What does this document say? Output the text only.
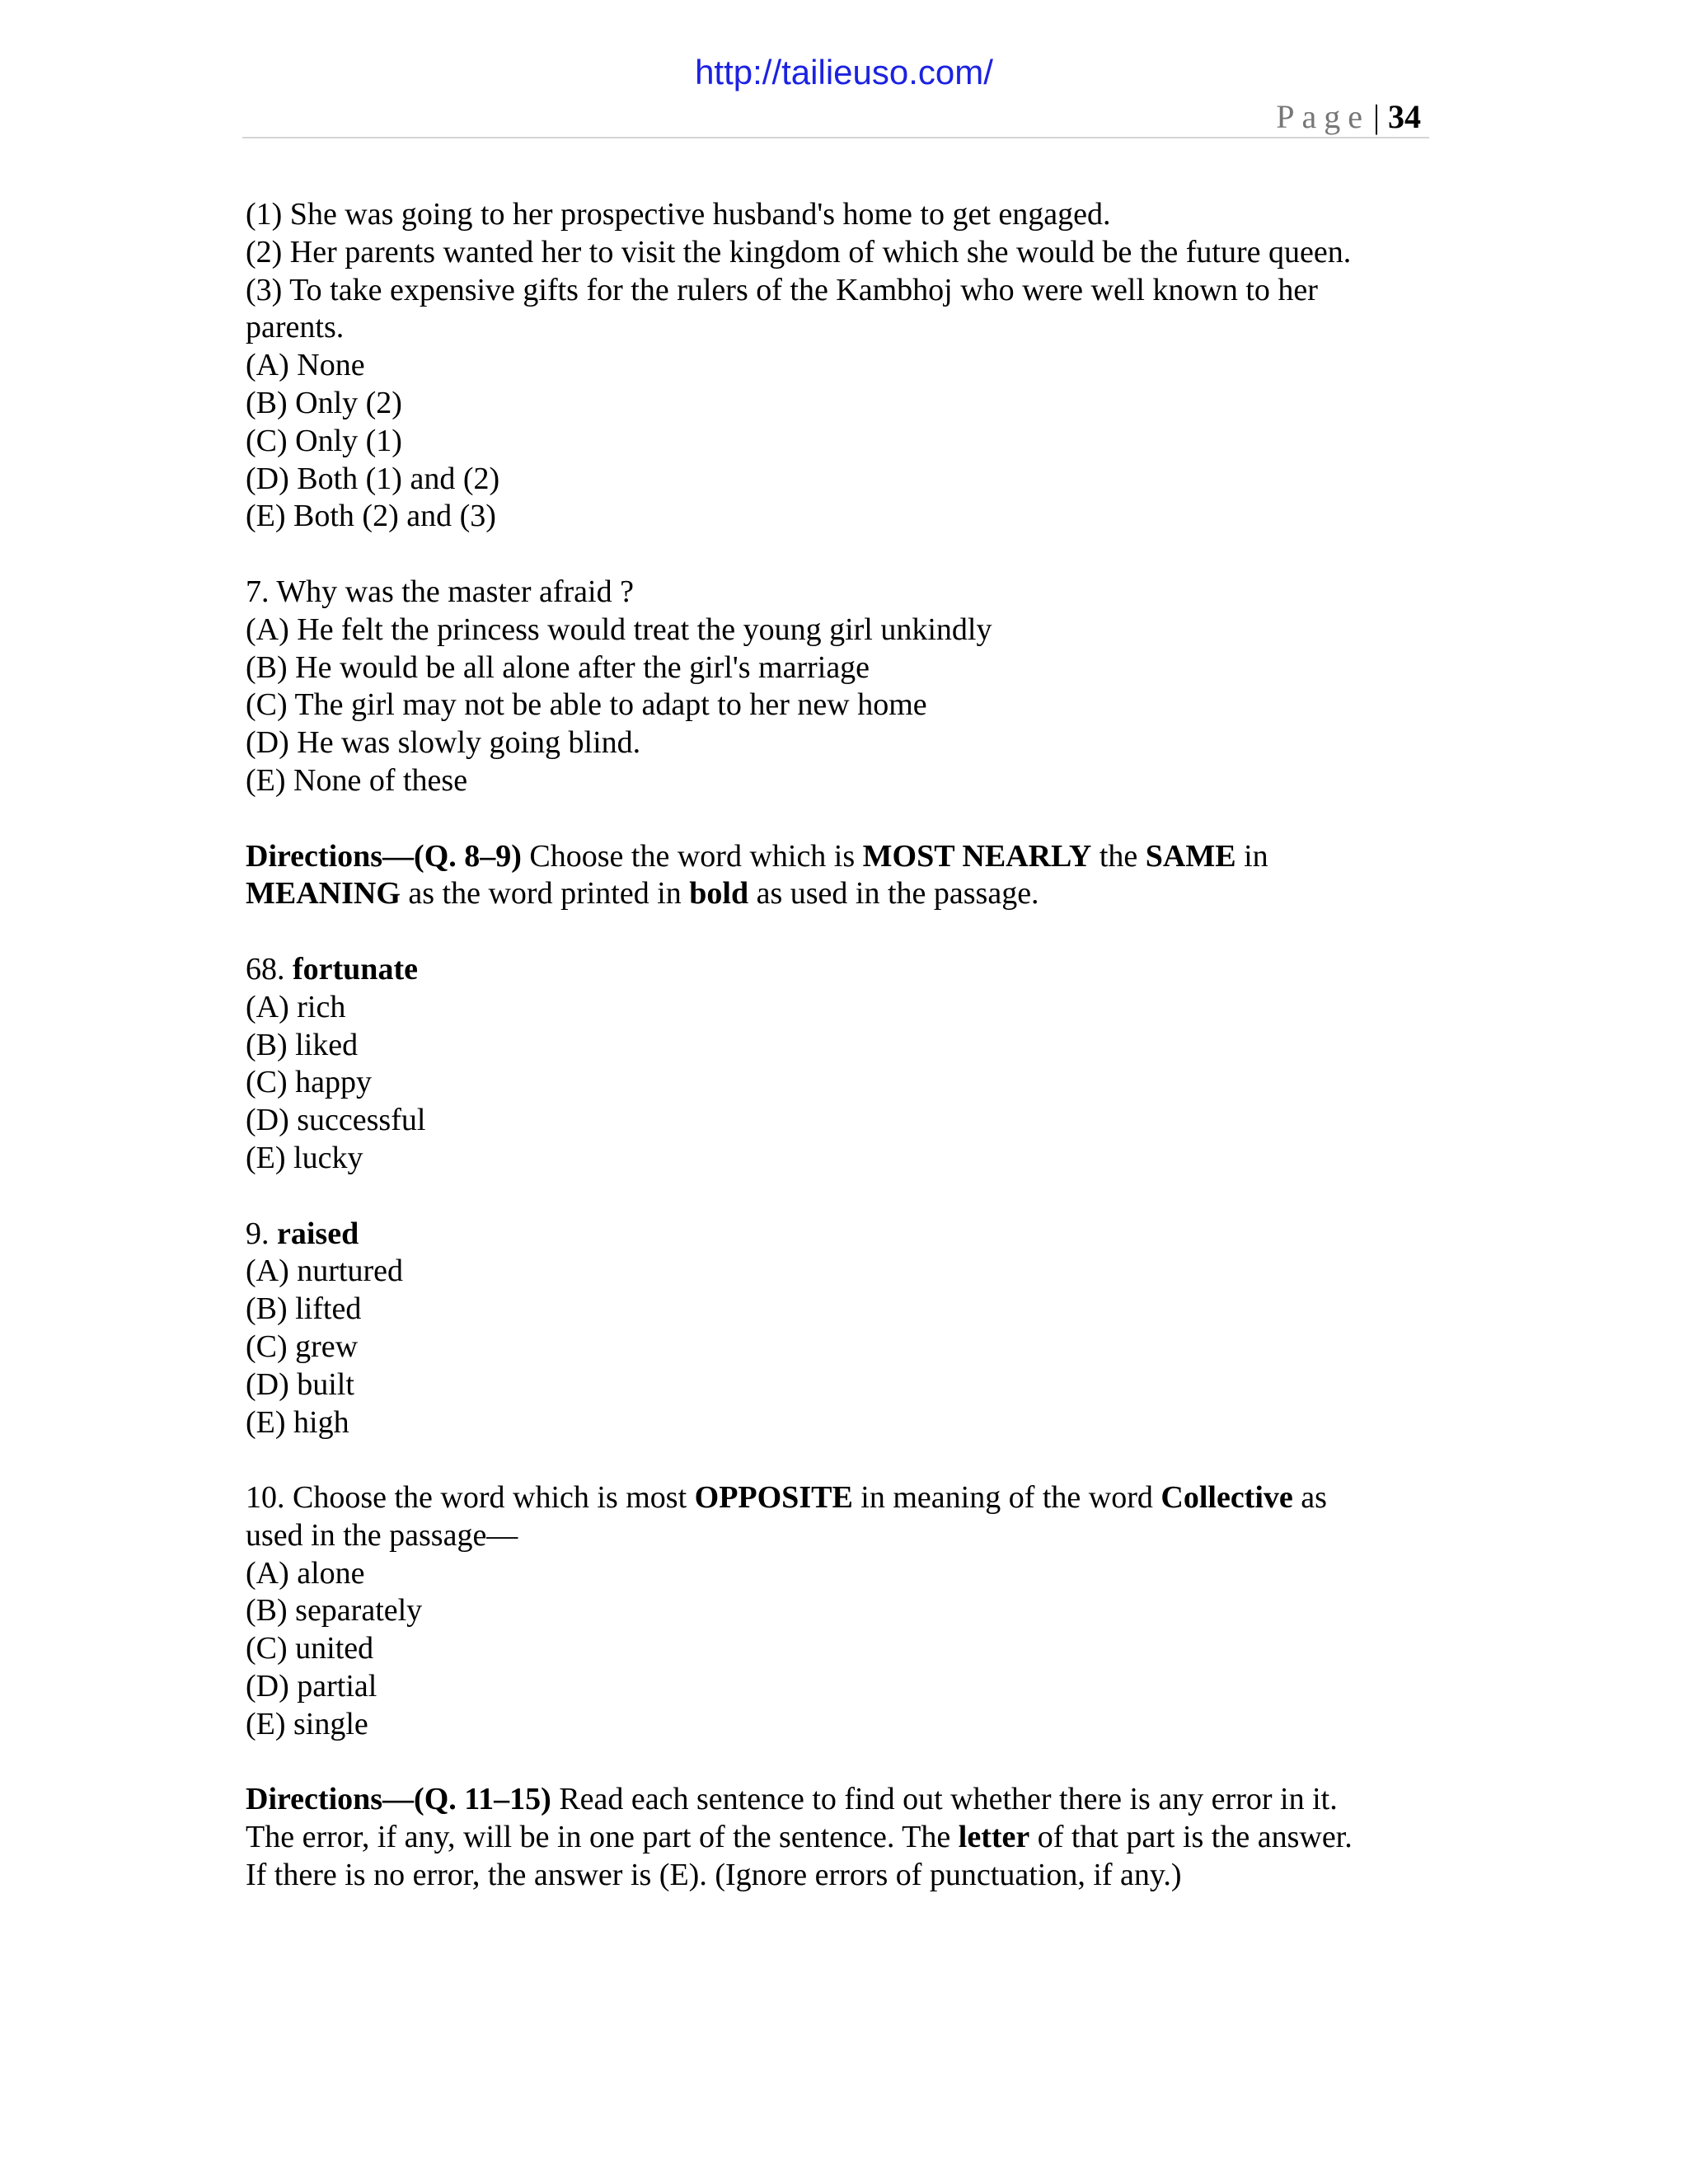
http://tailieuso.com/
Page | 34
(1) She was going to her prospective husband's home to get engaged.
(2) Her parents wanted her to visit the kingdom of which she would be the future queen.
(3) To take expensive gifts for the rulers of the Kambhoj who were well known to her
parents.
(A) None
(B) Only (2)
(C) Only (1)
(D) Both (1) and (2)
(E) Both (2) and (3)
7. Why was the master afraid ?
(A) He felt the princess would treat the young girl unkindly
(B) He would be all alone after the girl's marriage
(C) The girl may not be able to adapt to her new home
(D) He was slowly going blind.
(E) None of these
Directions—(Q. 8–9) Choose the word which is MOST NEARLY the SAME in
MEANING as the word printed in bold as used in the passage.
68. fortunate
(A) rich
(B) liked
(C) happy
(D) successful
(E) lucky
9. raised
(A) nurtured
(B) lifted
(C) grew
(D) built
(E) high
10. Choose the word which is most OPPOSITE in meaning of the word Collective as
used in the passage—
(A) alone
(B) separately
(C) united
(D) partial
(E) single
Directions—(Q. 11–15) Read each sentence to find out whether there is any error in it.
The error, if any, will be in one part of the sentence. The letter of that part is the answer.
If there is no error, the answer is (E). (Ignore errors of punctuation, if any.)
